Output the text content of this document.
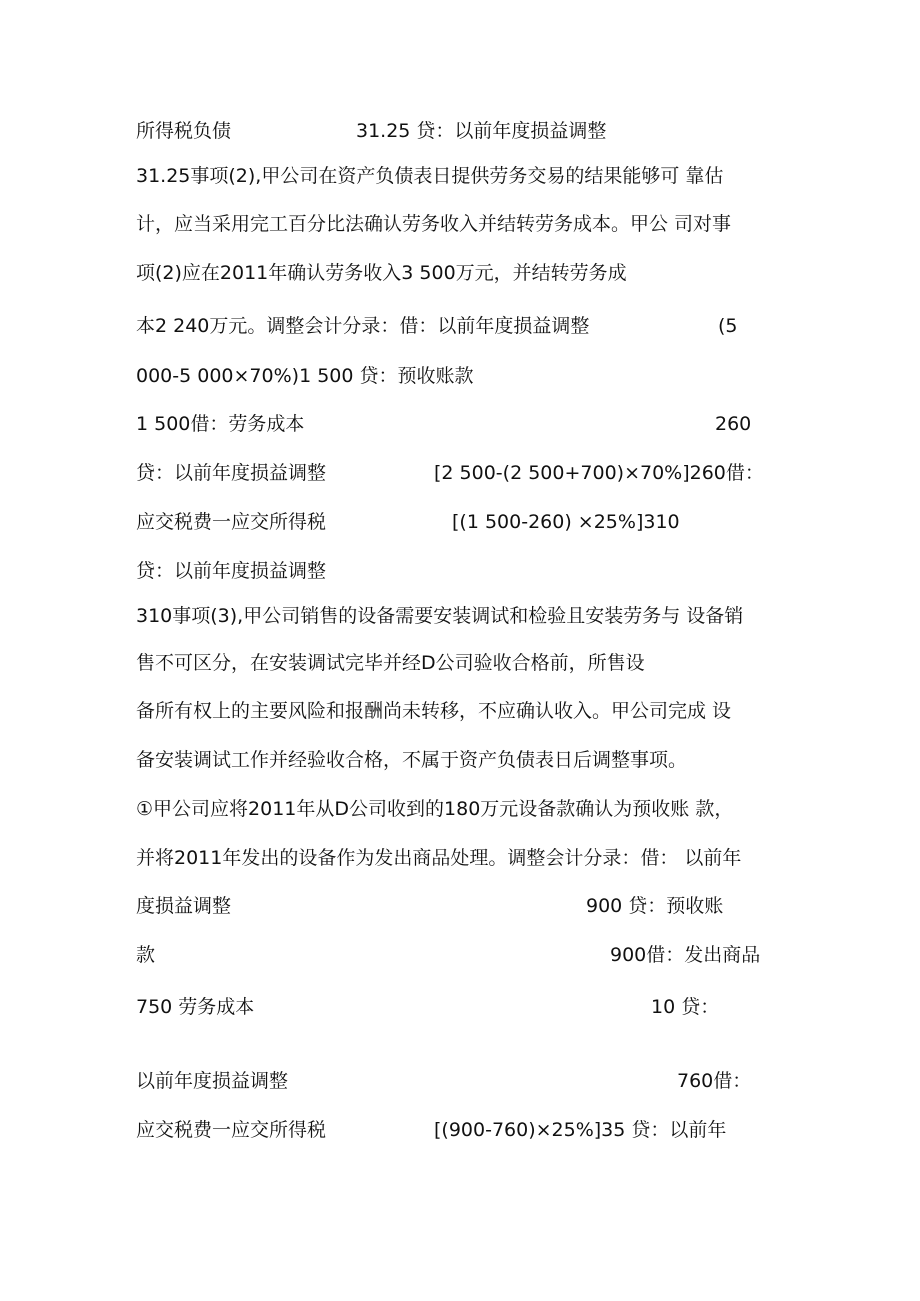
所得税负债	31.25 贷：以前年度损益调整
31.25事项(2),甲公司在资产负债表日提供劳务交易的结果能够可 靠估
计，应当采用完工百分比法确认劳务收入并结转劳务成本。甲公 司对事
项(2)应在2011年确认劳务收入3 500万元，并结转劳务成
本2 240万元。调整会计分录：借：以前年度损益调整	(5
000-5 000×70%)1 500 贷：预收账款
1 500借：劳务成本	260
贷：以前年度损益调整	[2 500-(2 500+700)×70%]260借：
应交税费一应交所得税	[(1 500-260) ×25%]310
贷：以前年度损益调整
310事项(3),甲公司销售的设备需要安装调试和检验且安装劳务与 设备销
售不可区分，在安装调试完毕并经D公司验收合格前，所售设
备所有权上的主要风险和报酬尚未转移，不应确认收入。甲公司完成 设
备安装调试工作并经验收合格，不属于资产负债表日后调整事项。
①甲公司应将2011年从D公司收到的180万元设备款确认为预收账 款，
并将2011年发出的设备作为发出商品处理。调整会计分录：借： 以前年
度损益调整	900 贷：预收账
款	900借：发出商品
750 劳务成本	10 贷：
以前年度损益调整	760借：
应交税费一应交所得税	[(900-760)×25%]35 贷：以前年
